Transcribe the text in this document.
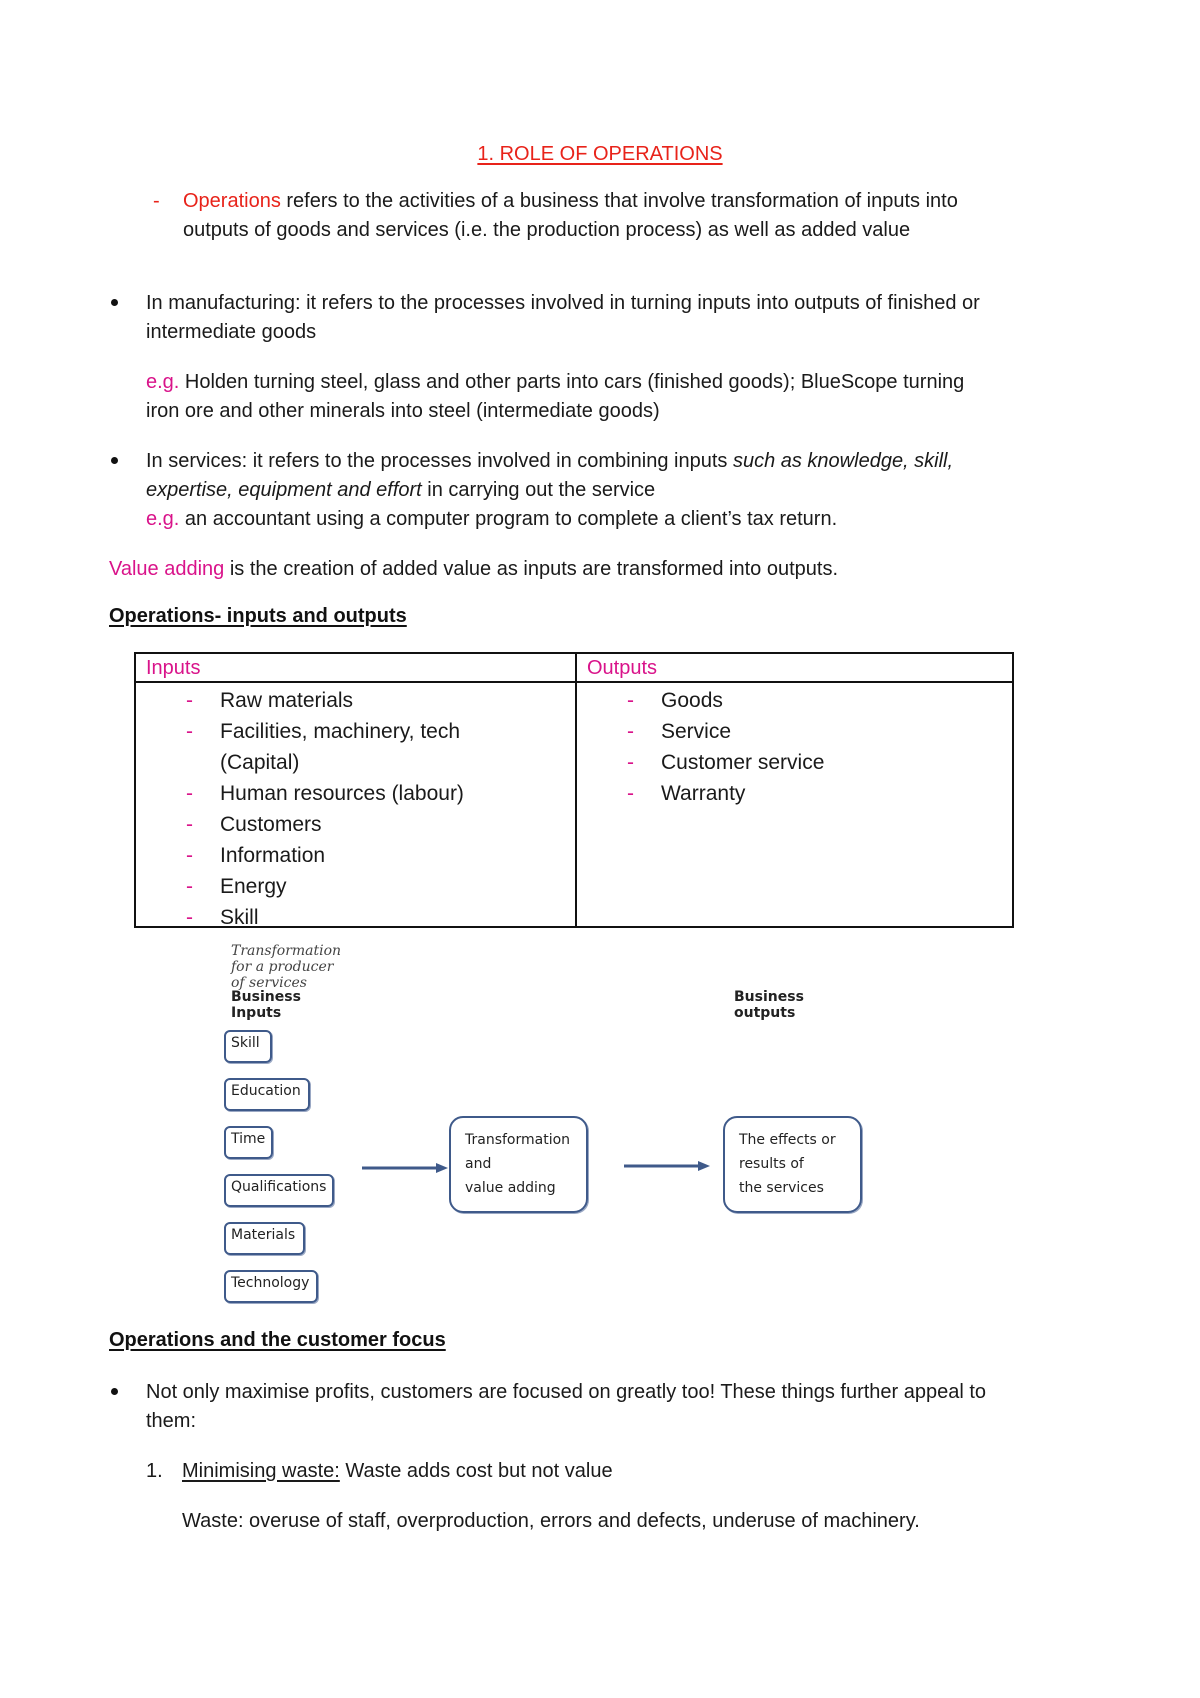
1. ROLE OF OPERATIONS
- Operations refers to the activities of a business that involve transformation of inputs into
outputs of goods and services (i.e. the production process) as well as added value
In manufacturing: it refers to the processes involved in turning inputs into outputs of finished or
intermediate goods
e.g. Holden turning steel, glass and other parts into cars (finished goods); BlueScope turning
iron ore and other minerals into steel (intermediate goods)
In services: it refers to the processes involved in combining inputs such as knowledge, skill,
expertise, equipment and effort in carrying out the service
e.g. an accountant using a computer program to complete a client’s tax return.
Value adding is the creation of added value as inputs are transformed into outputs.
Operations- inputs and outputs
Inputs
- Raw materials
- Facilities, machinery, tech
(Capital)
- Human resources (labour)
- Customers
- Information
- Energy
- Skill
Outputs
- Goods
- Service
- Customer service
- Warranty
Transformation for a producer of services
Business Inputs
Business outputs
Skill
Education
Time
Qualifications
Materials
Technology
Transformation
and
value adding
The effects or
results of
the services
Operations and the customer focus
Not only maximise profits, customers are focused on greatly too! These things further appeal to
them:
1. Minimising waste: Waste adds cost but not value
Waste: overuse of staff, overproduction, errors and defects, underuse of machinery.
